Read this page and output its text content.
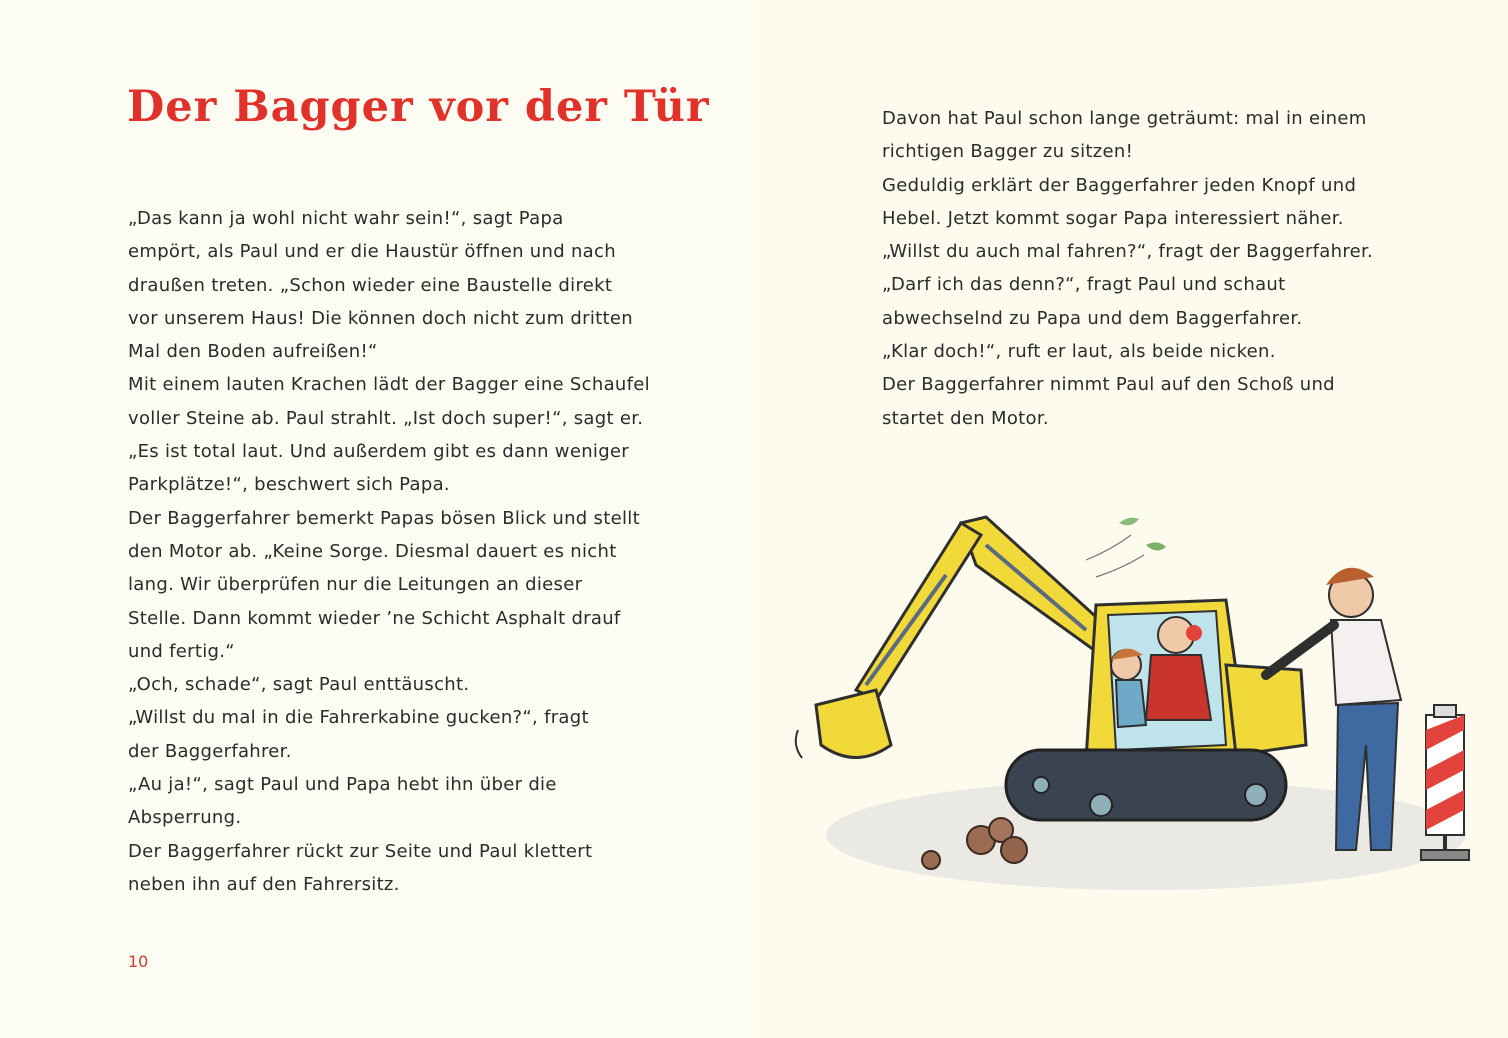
Der Bagger vor der Tür
„Das kann ja wohl nicht wahr sein!“, sagt Papa
empört, als Paul und er die Haustür öffnen und nach
draußen treten. „Schon wieder eine Baustelle direkt
vor unserem Haus! Die können doch nicht zum dritten
Mal den Boden aufreißen!“
Mit einem lauten Krachen lädt der Bagger eine Schaufel
voller Steine ab. Paul strahlt. „Ist doch super!“, sagt er.
„Es ist total laut. Und außerdem gibt es dann weniger
Parkplätze!“, beschwert sich Papa.
Der Baggerfahrer bemerkt Papas bösen Blick und stellt
den Motor ab. „Keine Sorge. Diesmal dauert es nicht
lang. Wir überprüfen nur die Leitungen an dieser
Stelle. Dann kommt wieder ’ne Schicht Asphalt drauf
und fertig.“
„Och, schade“, sagt Paul enttäuscht.
„Willst du mal in die Fahrerkabine gucken?“, fragt
der Baggerfahrer.
„Au ja!“, sagt Paul und Papa hebt ihn über die
Absperrung.
Der Baggerfahrer rückt zur Seite und Paul klettert
neben ihn auf den Fahrersitz.
Davon hat Paul schon lange geträumt: mal in einem
richtigen Bagger zu sitzen!
Geduldig erklärt der Baggerfahrer jeden Knopf und
Hebel. Jetzt kommt sogar Papa interessiert näher.
„Willst du auch mal fahren?“, fragt der Baggerfahrer.
„Darf ich das denn?“, fragt Paul und schaut
abwechselnd zu Papa und dem Baggerfahrer.
„Klar doch!“, ruft er laut, als beide nicken.
Der Baggerfahrer nimmt Paul auf den Schoß und
startet den Motor.
10
